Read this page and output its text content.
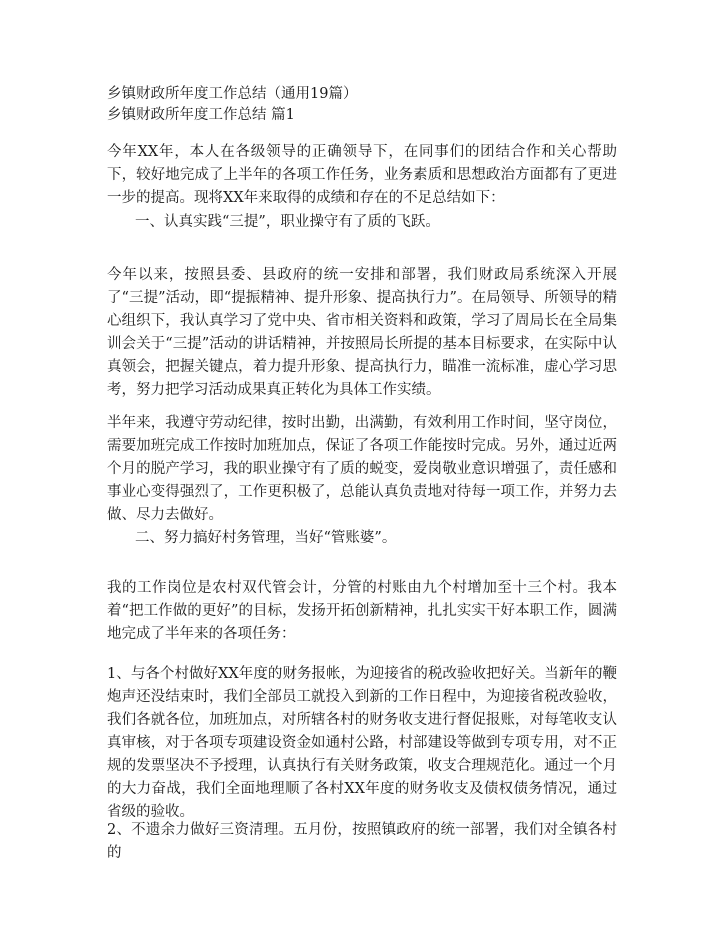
乡镇财政所年度工作总结（通用19篇）
乡镇财政所年度工作总结 篇1

今年XX年，本人在各级领导的正确领导下，在同事们的团结合作和关心帮助下，较好地完成了上半年的各项工作任务，业务素质和思想政治方面都有了更进一步的提高。现将XX年来取得的成绩和存在的不足总结如下：

一、认真实践“三提”，职业操守有了质的飞跃。

今年以来，按照县委、县政府的统一安排和部署，我们财政局系统深入开展了“三提”活动，即“提振精神、提升形象、提高执行力”。在局领导、所领导的精心组织下，我认真学习了党中央、省市相关资料和政策，学习了周局长在全局集训会关于“三提”活动的讲话精神，并按照局长所提的基本目标要求，在实际中认真领会，把握关键点，着力提升形象、提高执行力，瞄准一流标准，虚心学习思考，努力把学习活动成果真正转化为具体工作实绩。

半年来，我遵守劳动纪律，按时出勤，出满勤，有效利用工作时间，坚守岗位，需要加班完成工作按时加班加点，保证了各项工作能按时完成。另外，通过近两个月的脱产学习，我的职业操守有了质的蜕变，爱岗敬业意识增强了，责任感和事业心变得强烈了，工作更积极了，总能认真负责地对待每一项工作，并努力去做、尽力去做好。

二、努力搞好村务管理，当好“管账婆”。

我的工作岗位是农村双代管会计，分管的村账由九个村增加至十三个村。我本着“把工作做的更好”的目标，发扬开拓创新精神，扎扎实实干好本职工作，圆满地完成了半年来的各项任务：

1、与各个村做好XX年度的财务报帐，为迎接省的税改验收把好关。当新年的鞭炮声还没结束时，我们全部员工就投入到新的工作日程中，为迎接省税改验收，我们各就各位，加班加点，对所辖各村的财务收支进行督促报账，对每笔收支认真审核，对于各项专项建设资金如通村公路，村部建设等做到专项专用，对不正规的发票坚决不予授理，认真执行有关财务政策，收支合理规范化。通过一个月的大力奋战，我们全面地理顺了各村XX年度的财务收支及债权债务情况，通过省级的验收。

2、不遗余力做好三资清理。五月份，按照镇政府的统一部署，我们对全镇各村的
